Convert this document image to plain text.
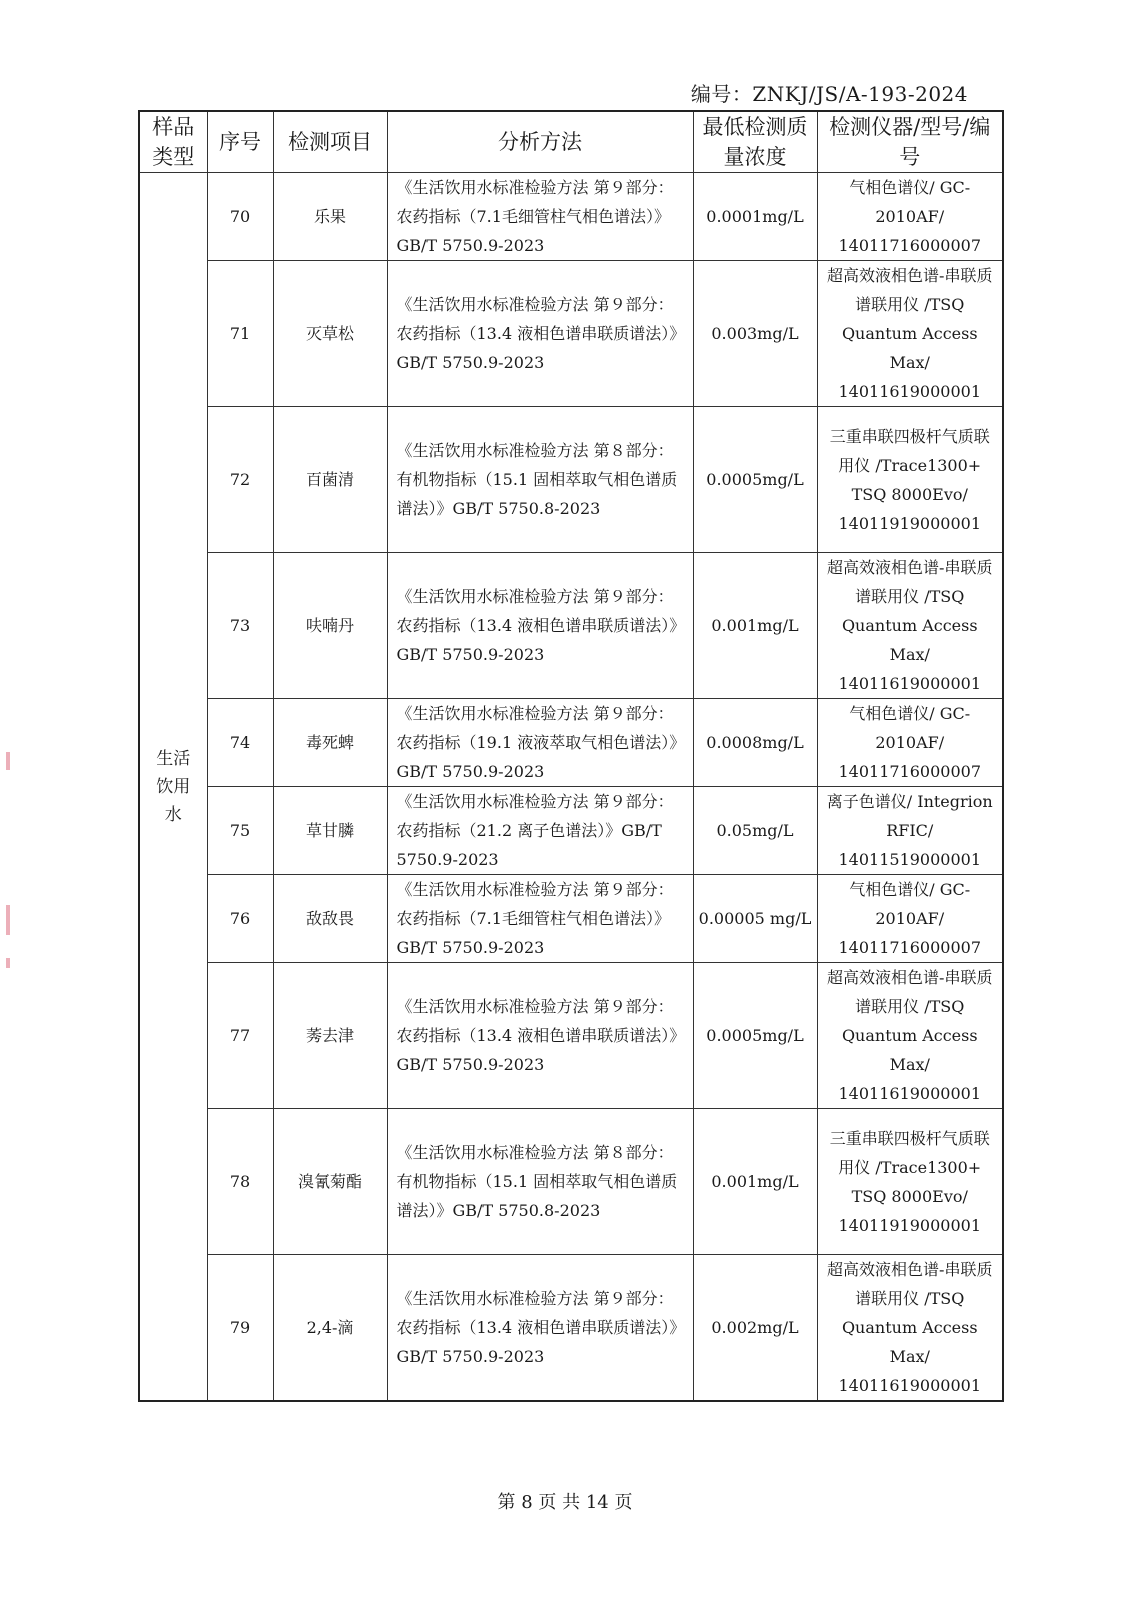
编号：ZNKJ/JS/A-193-2024
样品类型	序号	检测项目	分析方法	最低检测质量浓度	检测仪器/型号/编号
生活饮用水	70	乐果	《生活饮用水标准检验方法 第９部分：农药指标（7.1毛细管柱气相色谱法）》GB/T 5750.9-2023	0.0001mg/L	气相色谱仪/ GC-2010AF/ 14011716000007
	71	灭草松	《生活饮用水标准检验方法 第９部分：农药指标（13.4 液相色谱串联质谱法）》GB/T 5750.9-2023	0.003mg/L	超高效液相色谱-串联质谱联用仪 /TSQ Quantum Access Max/ 14011619000001
	72	百菌清	《生活饮用水标准检验方法 第８部分：有机物指标（15.1 固相萃取气相色谱质谱法）》GB/T 5750.8-2023	0.0005mg/L	三重串联四极杆气质联用仪 /Trace1300+ TSQ 8000Evo/ 14011919000001
	73	呋喃丹	《生活饮用水标准检验方法 第９部分：农药指标（13.4 液相色谱串联质谱法）》GB/T 5750.9-2023	0.001mg/L	超高效液相色谱-串联质谱联用仪 /TSQ Quantum Access Max/ 14011619000001
	74	毒死蜱	《生活饮用水标准检验方法 第９部分：农药指标（19.1 液液萃取气相色谱法）》GB/T 5750.9-2023	0.0008mg/L	气相色谱仪/ GC-2010AF/ 14011716000007
	75	草甘膦	《生活饮用水标准检验方法 第９部分：农药指标（21.2 离子色谱法）》GB/T 5750.9-2023	0.05mg/L	离子色谱仪/ Integrion RFIC/ 14011519000001
	76	敌敌畏	《生活饮用水标准检验方法 第９部分：农药指标（7.1毛细管柱气相色谱法）》GB/T 5750.9-2023	0.00005 mg/L	气相色谱仪/ GC-2010AF/ 14011716000007
	77	莠去津	《生活饮用水标准检验方法 第９部分：农药指标（13.4 液相色谱串联质谱法）》GB/T 5750.9-2023	0.0005mg/L	超高效液相色谱-串联质谱联用仪 /TSQ Quantum Access Max/ 14011619000001
	78	溴氰菊酯	《生活饮用水标准检验方法 第８部分：有机物指标（15.1 固相萃取气相色谱质谱法）》GB/T 5750.8-2023	0.001mg/L	三重串联四极杆气质联用仪 /Trace1300+ TSQ 8000Evo/ 14011919000001
	79	2,4-滴	《生活饮用水标准检验方法 第９部分：农药指标（13.4 液相色谱串联质谱法）》GB/T 5750.9-2023	0.002mg/L	超高效液相色谱-串联质谱联用仪 /TSQ Quantum Access Max/ 14011619000001
第 8 页 共 14 页
